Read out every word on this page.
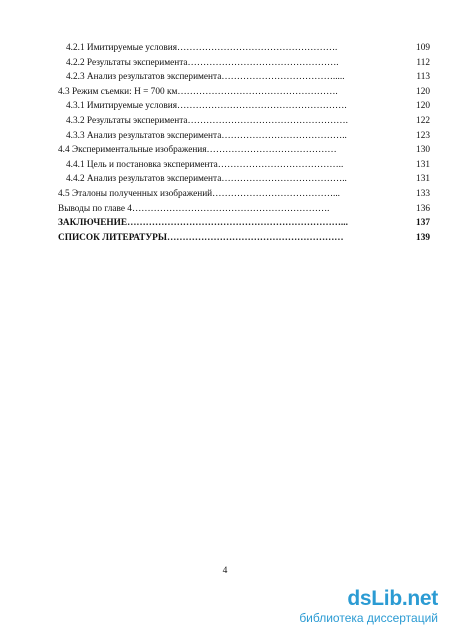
4.2.1 Имитируемые условия…………………………………………….	109
4.2.2 Результаты эксперимента………………………………………….	112
4.2.3 Анализ результатов эксперимента……………………………….....	113
4.3 Режим съемки: Н = 700 км…………………………………………….	120
4.3.1 Имитируемые условия……………………………………………….	120
4.3.2 Результаты эксперимента…………………………………………….	122
4.3.3 Анализ результатов эксперимента…………………………………..	123
4.4 Экспериментальные изображения……………………………………	130
4.4.1 Цель и постановка эксперимента…………………………………..	131
4.4.2 Анализ результатов эксперимента…………………………………..	131
4.5 Эталоны полученных изображений…………………………………...	133
Выводы по главе 4……………………………………………………….	136
ЗАКЛЮЧЕНИЕ……………………………………………………………...	137
СПИСОК ЛИТЕРАТУРЫ…………………………………………………	139
4
dsLib.net
библиотека диссертаций
